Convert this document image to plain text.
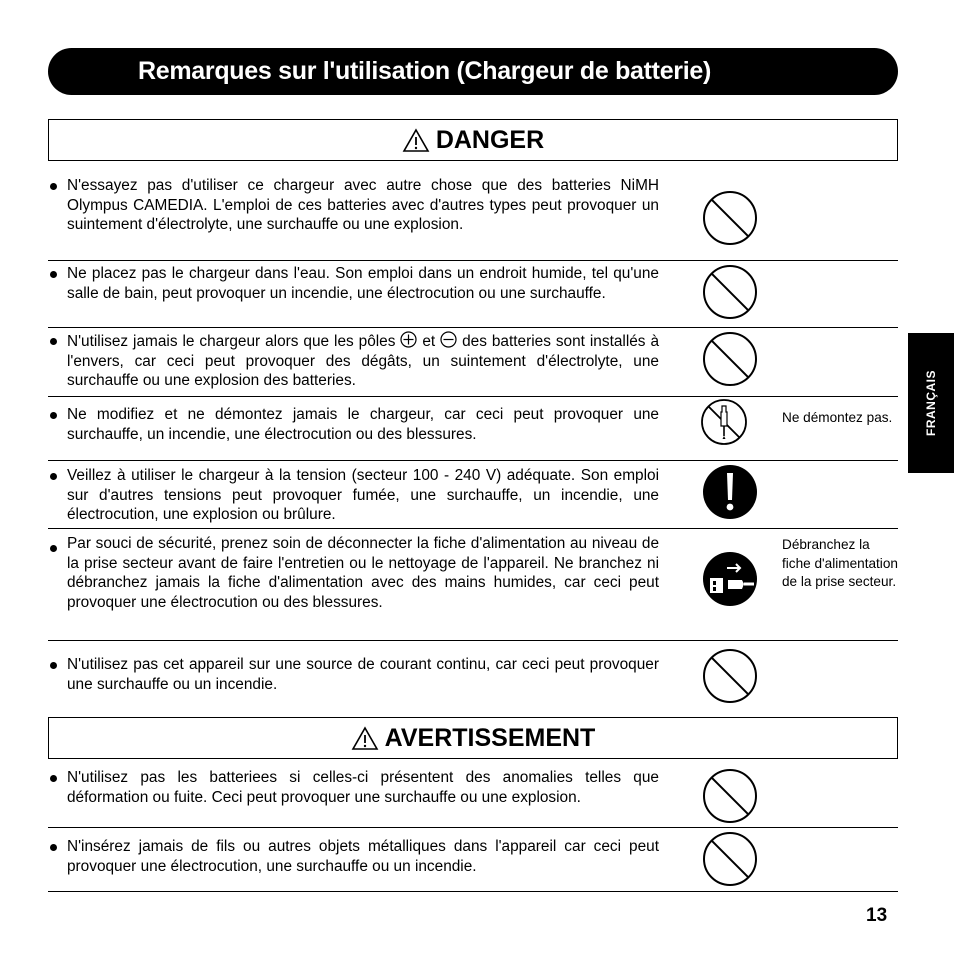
Remarques sur l'utilisation (Chargeur de batterie)
DANGER
N'essayez pas d'utiliser ce chargeur avec autre chose que des batteries NiMH Olympus CAMEDIA. L'emploi de ces batteries avec d'autres types peut provoquer un suintement d'électrolyte, une surchauffe ou une explosion.
Ne placez pas le chargeur dans l'eau. Son emploi dans un endroit humide, tel qu'une salle de bain, peut provoquer un incendie, une électrocution ou une surchauffe.
N'utilisez jamais le chargeur alors que les pôles et des batteries sont installés à l'envers, car ceci peut provoquer des dégâts, un suintement d'électrolyte, une surchauffe ou une explosion des batteries.
Ne modifiez et ne démontez jamais le chargeur, car ceci peut provoquer une surchauffe, un incendie, une électrocution ou des blessures.
Ne démontez pas.
Veillez à utiliser le chargeur à la tension (secteur 100 - 240 V) adéquate. Son emploi sur d'autres tensions peut provoquer fumée, une surchauffe, un incendie, une électrocution, une explosion ou brûlure.
Par souci de sécurité, prenez soin de déconnecter la fiche d'alimentation au niveau de la prise secteur avant de faire l'entretien ou le nettoyage de l'appareil. Ne branchez ni débranchez jamais la fiche d'alimentation avec des mains humides, car ceci peut provoquer une électrocution ou des blessures.
Débranchez la fiche d'alimentation de la prise secteur.
N'utilisez pas cet appareil sur une source de courant continu, car ceci peut provoquer une surchauffe ou un incendie.
AVERTISSEMENT
N'utilisez pas les batteriees si celles-ci présentent des anomalies telles que déformation ou fuite. Ceci peut provoquer une surchauffe ou une explosion.
N'insérez jamais de fils ou autres objets métalliques dans l'appareil car ceci peut provoquer une électrocution, une surchauffe ou un incendie.
FRANÇAIS
13
